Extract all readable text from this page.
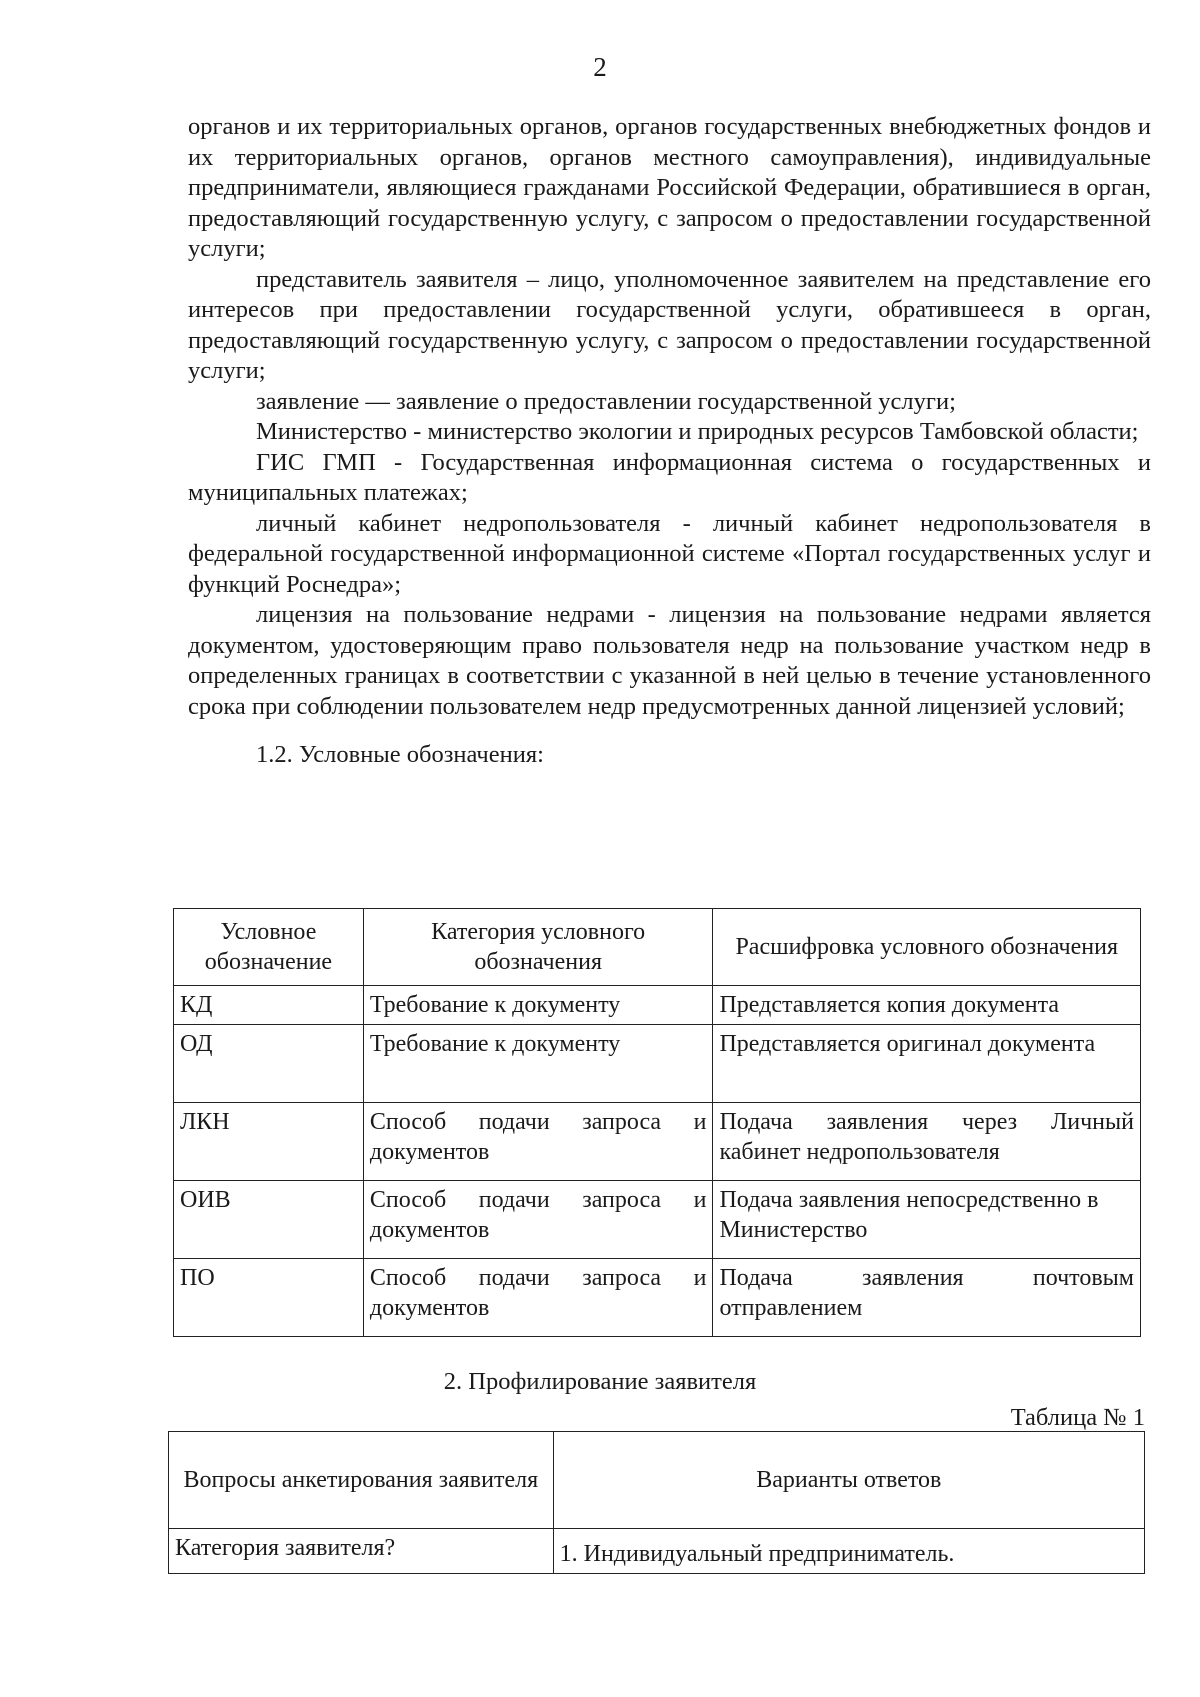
2

органов и их территориальных органов, органов государственных внебюджетных фондов и их территориальных органов, органов местного самоуправления), индивидуальные предприниматели, являющиеся гражданами Российской Федерации, обратившиеся в орган, предоставляющий государственную услугу, с запросом о предоставлении государственной услуги;

представитель заявителя – лицо, уполномоченное заявителем на представление его интересов при предоставлении государственной услуги, обратившееся в орган, предоставляющий государственную услугу, с запросом о предоставлении государственной услуги;

заявление — заявление о предоставлении государственной услуги;

Министерство - министерство экологии и природных ресурсов Тамбовской области;

ГИС ГМП - Государственная информационная система о государственных и муниципальных платежах;

личный кабинет недропользователя - личный кабинет недропользователя в федеральной государственной информационной системе «Портал государственных услуг и функций Роснедра»;

лицензия на пользование недрами - лицензия на пользование недрами является документом, удостоверяющим право пользователя недр на пользование участком недр в определенных границах в соответствии с указанной в ней целью в течение установленного срока при соблюдении пользователем недр предусмотренных данной лицензией условий;

1.2. Условные обозначения:
Условное обозначение	Категория условного обозначения	Расшифровка условного обозначения
КД	Требование к документу	Представляется копия документа
ОД	Требование к документу	Представляется оригинал документа
ЛКН	Способ подачи запроса и документов	Подача заявления через Личный кабинет недропользователя
ОИВ	Способ подачи запроса и документов	Подача заявления непосредственно в Министерство
ПО	Способ подачи запроса и документов	Подача заявления почтовым отправлением
2. Профилирование заявителя
Таблица № 1
Вопросы анкетирования заявителя	Варианты ответов
Категория заявителя?	1. Индивидуальный предприниматель.
